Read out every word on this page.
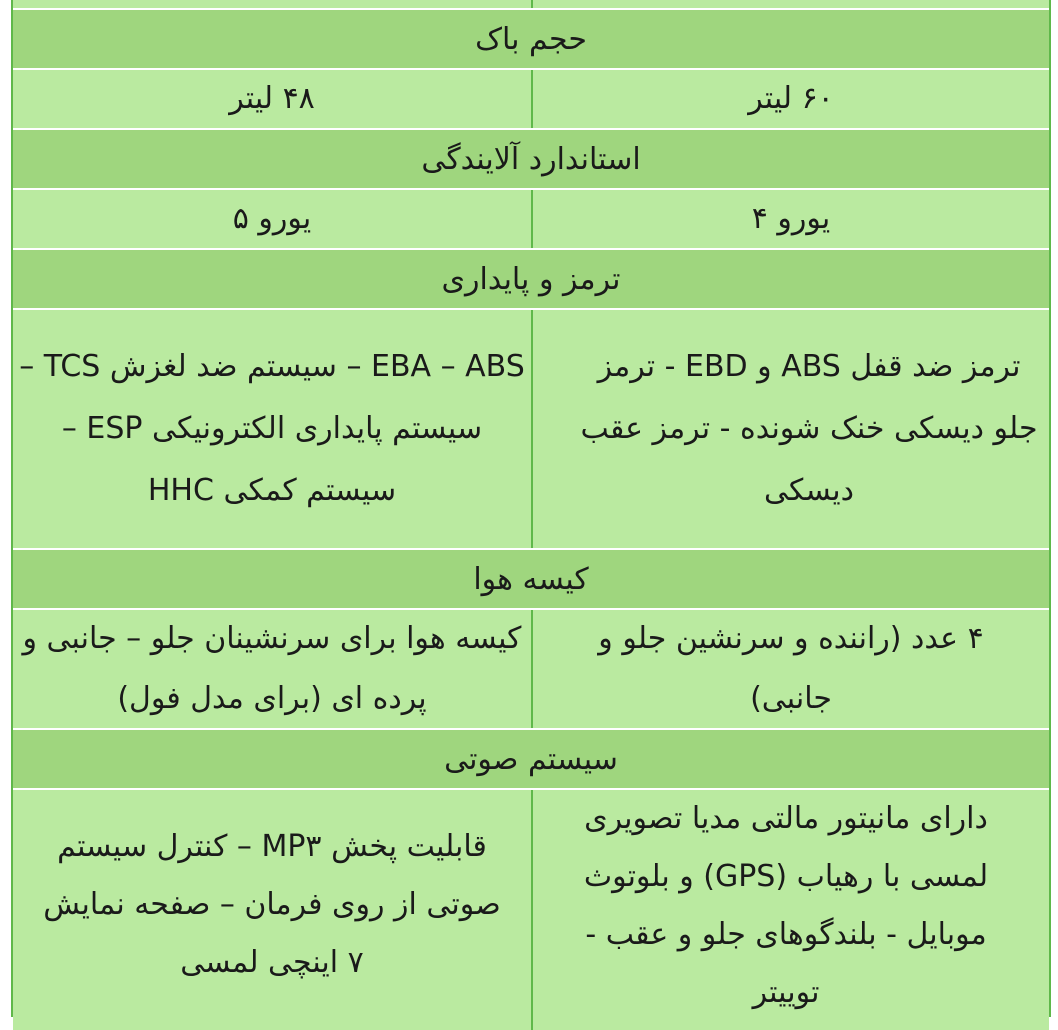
حجم باک
۶۰ لیتر
۴۸ لیتر
استاندارد آلایندگی
یورو ۴
یورو ۵
ترمز و پایداری
ترمز ضد قفل ABS و EBD - ترمز جلو دیسکی خنک شونده - ترمز عقب دیسکی
EBA – ABS – سیستم ضد لغزش TCS – سیستم پایداری الکترونیکی ESP – سیستم کمکی HHC
کیسه هوا
۴ عدد (راننده و سرنشین جلو و جانبی)
کیسه هوا برای سرنشینان جلو – جانبی و پرده ای (برای مدل فول)
سیستم صوتی
دارای مانیتور مالتی مدیا تصویری لمسی با رهیاب (GPS) و بلوتوث موبایل - بلندگوهای جلو و عقب - توییتر
قابلیت پخش MP۳ – کنترل سیستم صوتی از روی فرمان – صفحه نمایش ۷ اینچی لمسی
